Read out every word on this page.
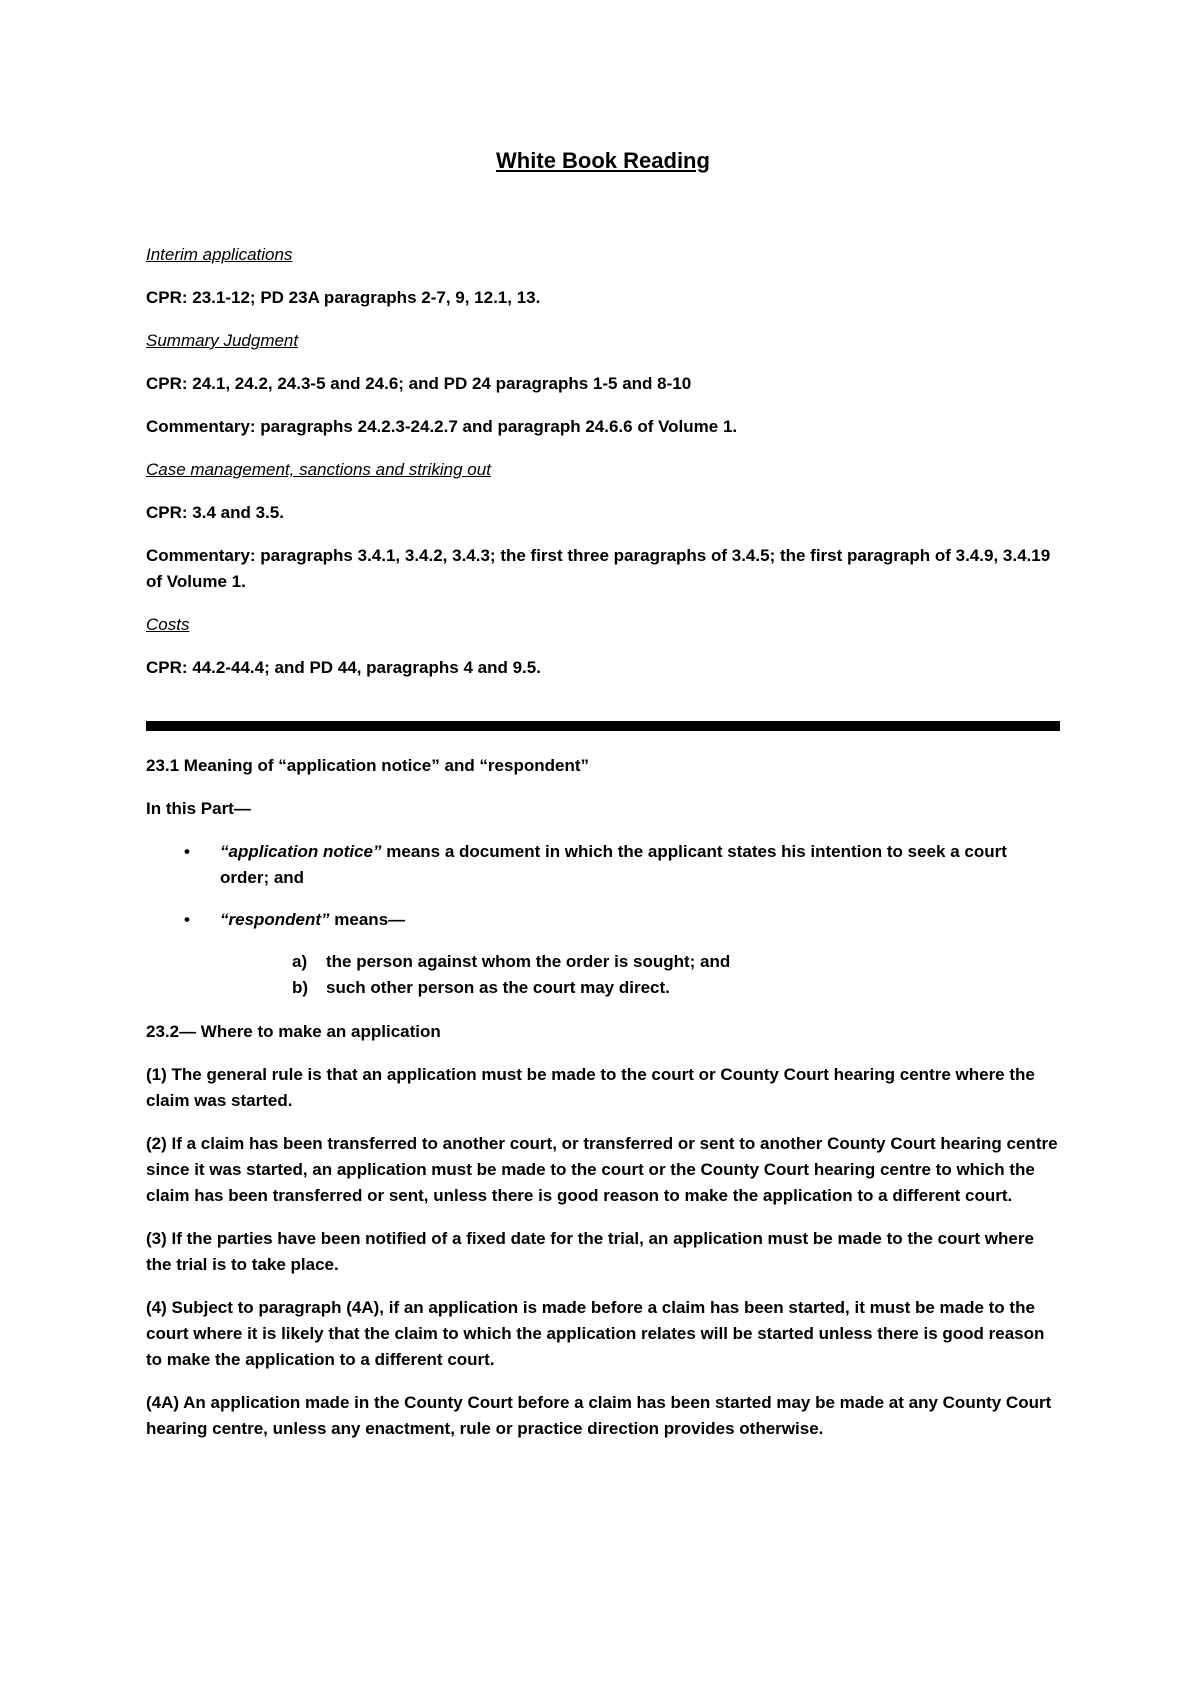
White Book Reading

Interim applications

CPR: 23.1-12; PD 23A paragraphs 2-7, 9, 12.1, 13.

Summary Judgment

CPR: 24.1, 24.2, 24.3-5 and 24.6; and PD 24 paragraphs 1-5 and 8-10

Commentary: paragraphs 24.2.3-24.2.7 and paragraph 24.6.6 of Volume 1.

Case management, sanctions and striking out

CPR: 3.4 and 3.5.

Commentary: paragraphs 3.4.1, 3.4.2, 3.4.3; the first three paragraphs of 3.4.5; the first paragraph of 3.4.9, 3.4.19 of Volume 1.

Costs

CPR: 44.2-44.4; and PD 44, paragraphs 4 and 9.5.

23.1 Meaning of “application notice” and “respondent”

In this Part—

• “application notice” means a document in which the applicant states his intention to seek a court order; and
• “respondent” means—
a) the person against whom the order is sought; and
b) such other person as the court may direct.

23.2— Where to make an application

(1) The general rule is that an application must be made to the court or County Court hearing centre where the claim was started.

(2) If a claim has been transferred to another court, or transferred or sent to another County Court hearing centre since it was started, an application must be made to the court or the County Court hearing centre to which the claim has been transferred or sent, unless there is good reason to make the application to a different court.

(3) If the parties have been notified of a fixed date for the trial, an application must be made to the court where the trial is to take place.

(4) Subject to paragraph (4A), if an application is made before a claim has been started, it must be made to the court where it is likely that the claim to which the application relates will be started unless there is good reason to make the application to a different court.

(4A) An application made in the County Court before a claim has been started may be made at any County Court hearing centre, unless any enactment, rule or practice direction provides otherwise.
